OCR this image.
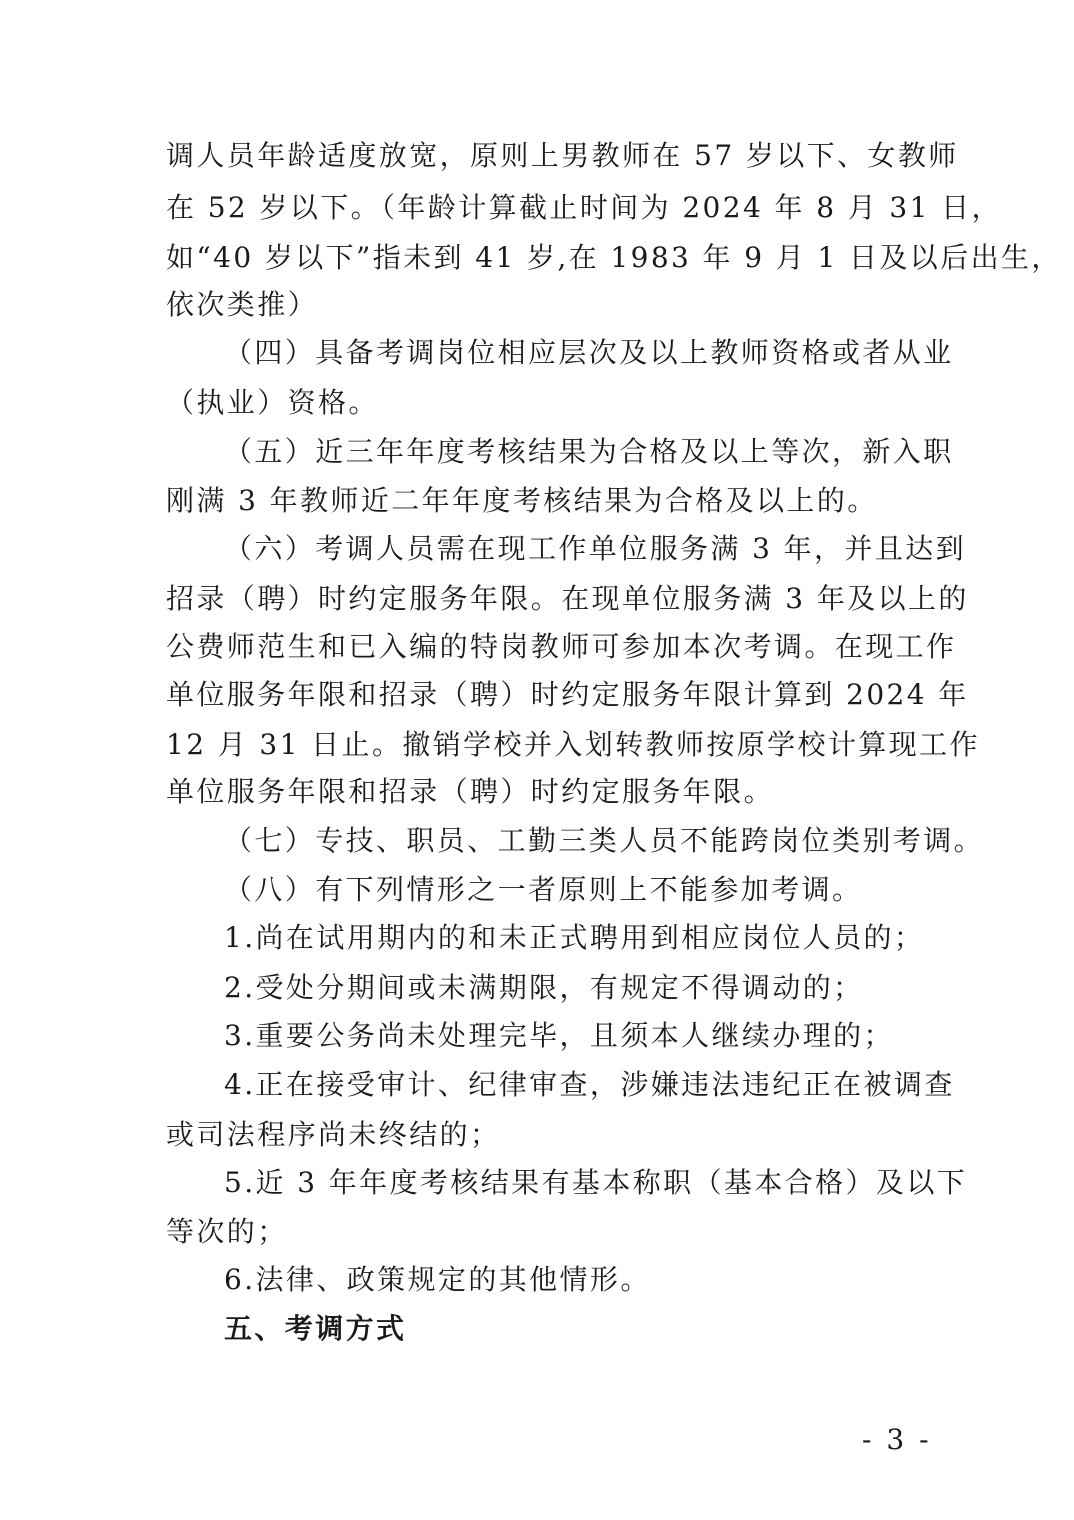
调人员年龄适度放宽，原则上男教师在 57 岁以下、女教师
在 52 岁以下。（年龄计算截止时间为 2024 年 8 月 31 日，
如“40 岁以下”指未到 41 岁,在 1983 年 9 月 1 日及以后出生，
依次类推）
（四）具备考调岗位相应层次及以上教师资格或者从业
（执业）资格。
（五）近三年年度考核结果为合格及以上等次，新入职
刚满 3 年教师近二年年度考核结果为合格及以上的。
（六）考调人员需在现工作单位服务满 3 年，并且达到
招录（聘）时约定服务年限。在现单位服务满 3 年及以上的
公费师范生和已入编的特岗教师可参加本次考调。在现工作
单位服务年限和招录（聘）时约定服务年限计算到 2024 年
12 月 31 日止。撤销学校并入划转教师按原学校计算现工作
单位服务年限和招录（聘）时约定服务年限。
（七）专技、职员、工勤三类人员不能跨岗位类别考调。
（八）有下列情形之一者原则上不能参加考调。
1.尚在试用期内的和未正式聘用到相应岗位人员的；
2.受处分期间或未满期限，有规定不得调动的；
3.重要公务尚未处理完毕，且须本人继续办理的；
4.正在接受审计、纪律审查，涉嫌违法违纪正在被调查
或司法程序尚未终结的；
5.近 3 年年度考核结果有基本称职（基本合格）及以下
等次的；
6.法律、政策规定的其他情形。
五、考调方式
- 3 -
